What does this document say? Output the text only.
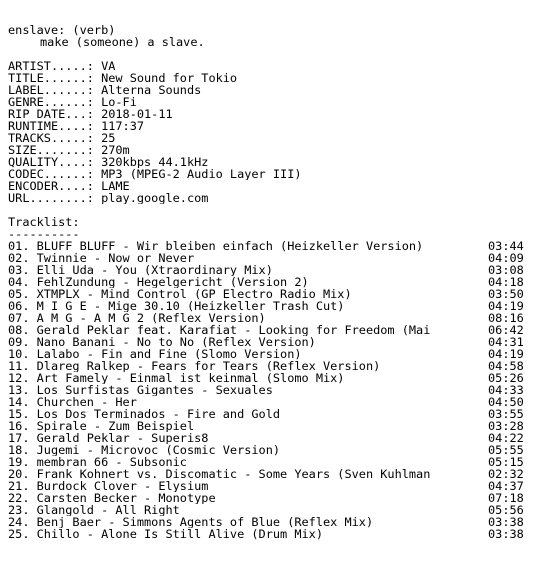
enslave: (verb)
make (someone) a slave.
ARTIST.....: VA
TITLE......: New Sound for Tokio
LABEL......: Alterna Sounds
GENRE......: Lo-Fi
RIP DATE...: 2018-01-11
RUNTIME....: 117:37
TRACKS.....: 25
SIZE.......: 270m
QUALITY....: 320kbps 44.1kHz
CODEC......: MP3 (MPEG-2 Audio Layer III)
ENCODER....: LAME
URL........: play.google.com
Tracklist:
----------
01. BLUFF BLUFF - Wir bleiben einfach (Heizkeller Version)	03:44
02. Twinnie - Now or Never	04:09
03. Elli Uda - You (Xtraordinary Mix)	03:08
04. FehlZundung - Hegelgericht (Version 2)	04:18
05. XTMPLX - Mind Control (GP Electro Radio Mix)	03:50
06. M I G E - Mige 30.10 (Heizkeller Trash Cut)	04:19
07. A M G - A M G 2 (Reflex Version)	08:16
08. Gerald Peklar feat. Karafiat - Looking for Freedom (Mai	06:42
09. Nano Banani - No to No (Reflex Version)	04:31
10. Lalabo - Fin and Fine (Slomo Version)	04:19
11. Dlareg Ralkep - Fears for Tears (Reflex Version)	04:58
12. Art Famely - Einmal ist keinmal (Slomo Mix)	05:26
13. Los Surfistas Gigantes - Sexuales	04:33
14. Churchen - Her	04:50
15. Los Dos Terminados - Fire and Gold	03:55
16. Spirale - Zum Beispiel	03:28
17. Gerald Peklar - Superis8	04:22
18. Jugemi - Microvoc (Cosmic Version)	05:55
19. membran 66 - Subsonic	05:15
20. Frank Kohnert vs. Discomatic - Some Years (Sven Kuhlman	02:32
21. Burdock Clover - Elysium	04:37
22. Carsten Becker - Monotype	07:18
23. Glangold - All Right	05:56
24. Benj Baer - Simmons Agents of Blue (Reflex Mix)	03:38
25. Chillo - Alone Is Still Alive (Drum Mix)	03:38
